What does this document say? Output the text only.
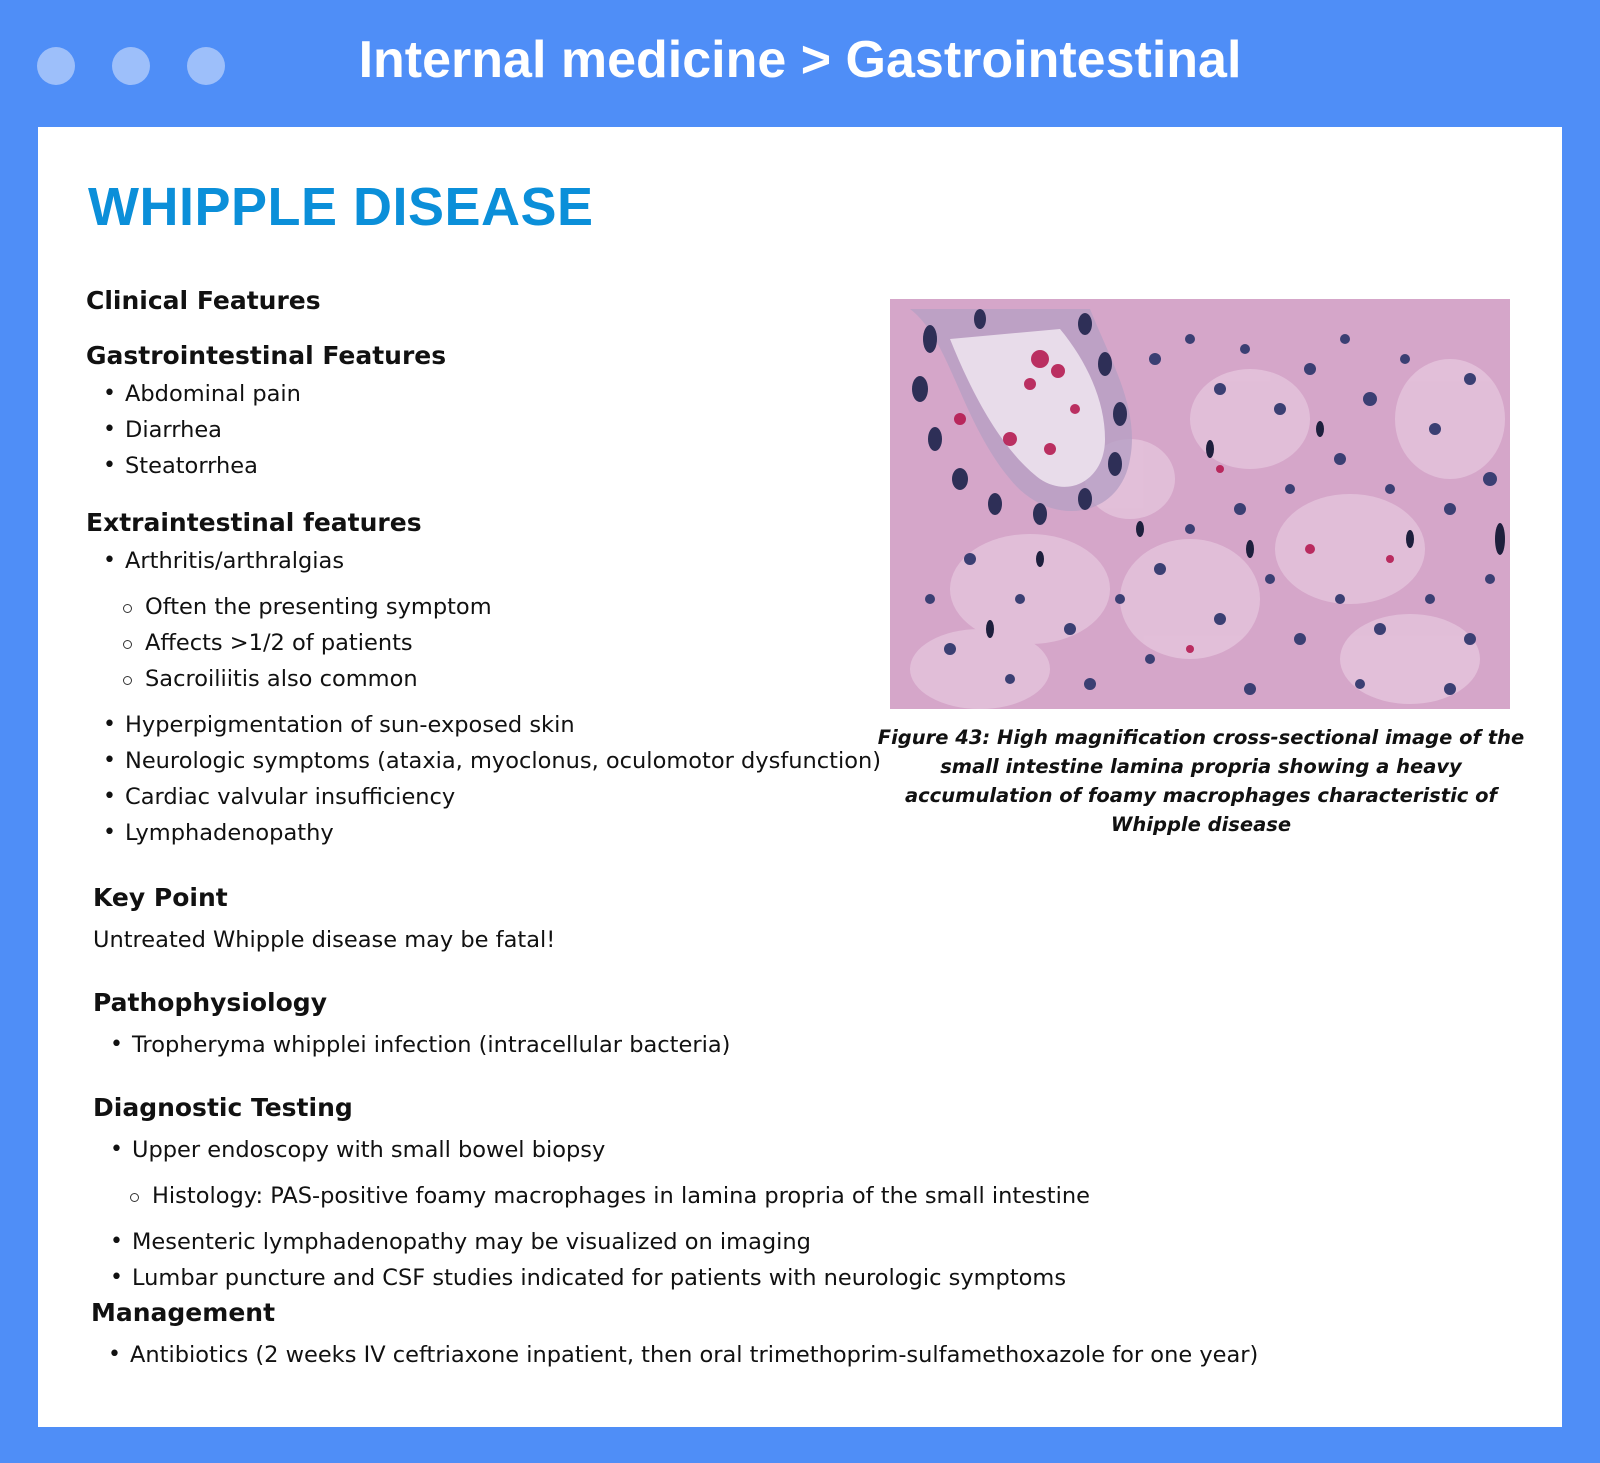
Internal medicine > Gastrointestinal
WHIPPLE DISEASE
Clinical Features
Gastrointestinal Features
• Abdominal pain
• Diarrhea
• Steatorrhea
Extraintestinal features
• Arthritis/arthralgias
Often the presenting symptom
Affects >1/2 of patients
Sacroiliitis also common
• Hyperpigmentation of sun-exposed skin
• Neurologic symptoms (ataxia, myoclonus, oculomotor dysfunction)
• Cardiac valvular insufficiency
• Lymphadenopathy
Key Point

Untreated Whipple disease may be fatal!

Pathophysiology
• Tropheryma whipplei infection (intracellular bacteria)
Diagnostic Testing
• Upper endoscopy with small bowel biopsy
Histology: PAS-positive foamy macrophages in lamina propria of the small intestine
• Mesenteric lymphadenopathy may be visualized on imaging
• Lumbar puncture and CSF studies indicated for patients with neurologic symptoms
Management
• Antibiotics (2 weeks IV ceftriaxone inpatient, then oral trimethoprim-sulfamethoxazole for one year)

Figure 43: High magnification cross-sectional image of the small intestine lamina propria showing a heavy accumulation of foamy macrophages characteristic of Whipple disease
